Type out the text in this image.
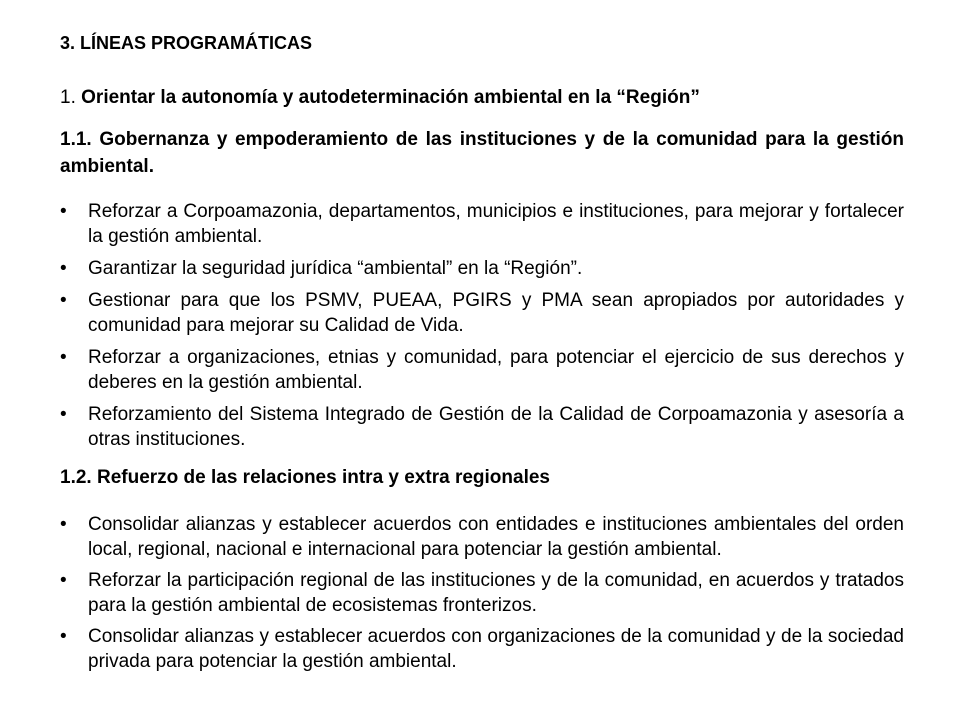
3. LÍNEAS PROGRAMÁTICAS

1. Orientar la autonomía y autodeterminación ambiental en la “Región”

1.1. Gobernanza y empoderamiento de las instituciones y de la comunidad para la gestión ambiental.

• Reforzar a Corpoamazonia, departamentos, municipios e instituciones, para mejorar y fortalecer la gestión ambiental.
• Garantizar la seguridad jurídica “ambiental” en la “Región”.
• Gestionar para que los PSMV, PUEAA, PGIRS y PMA sean apropiados por autoridades y comunidad para mejorar su Calidad de Vida.
• Reforzar a organizaciones, etnias y comunidad, para potenciar el ejercicio de sus derechos y deberes en la gestión ambiental.
• Reforzamiento del Sistema Integrado de Gestión de la Calidad de Corpoamazonia y asesoría a otras instituciones.

1.2. Refuerzo de las relaciones intra y extra regionales

• Consolidar alianzas y establecer acuerdos con entidades e instituciones ambientales del orden local, regional, nacional e internacional para potenciar la gestión ambiental.
• Reforzar la participación regional de las instituciones y de la comunidad, en acuerdos y tratados para la gestión ambiental de ecosistemas fronterizos.
• Consolidar alianzas y establecer acuerdos con organizaciones de la comunidad y de la sociedad privada para potenciar la gestión ambiental.
